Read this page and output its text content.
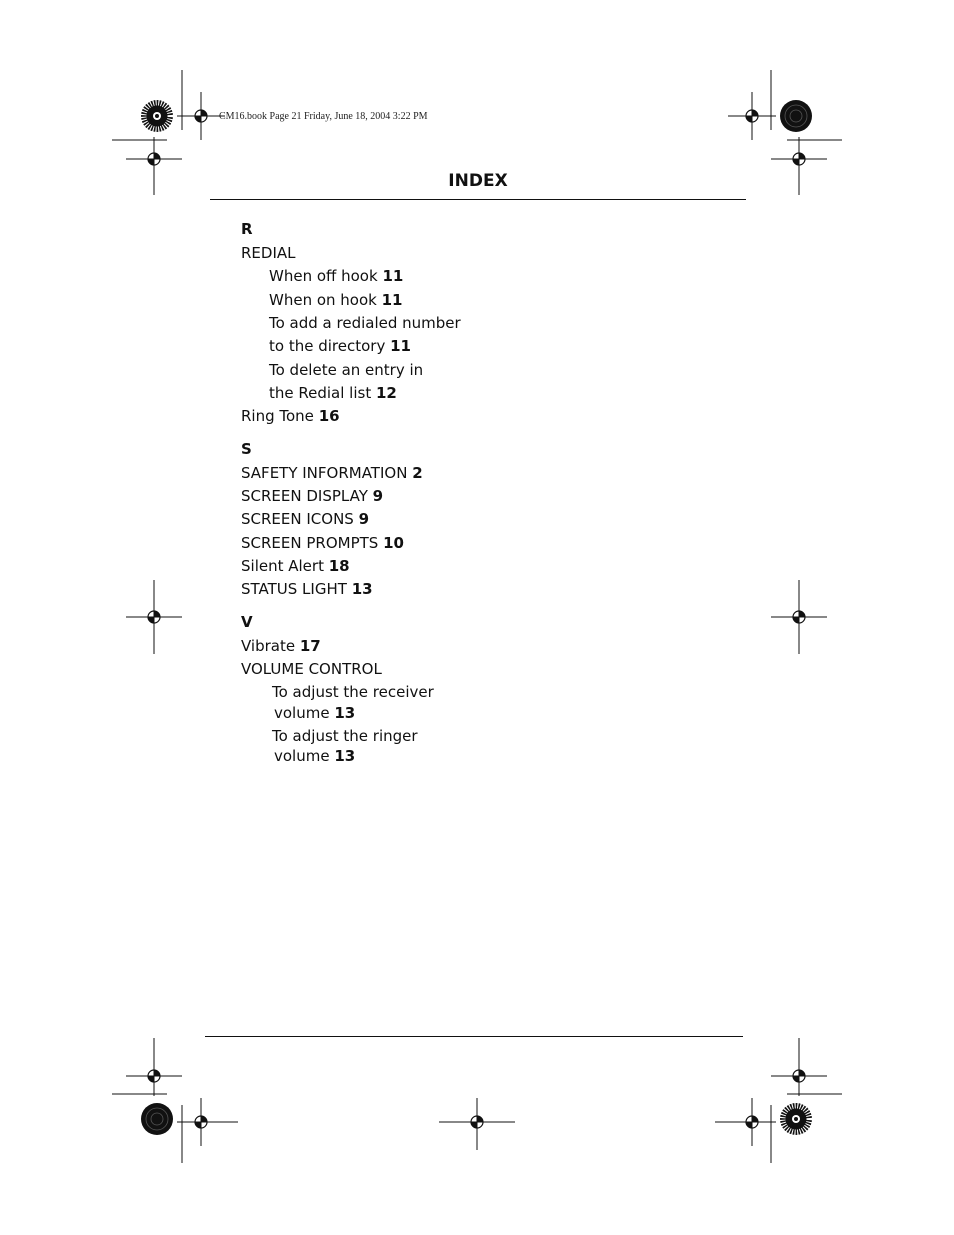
CM16.book Page 21 Friday, June 18, 2004 3:22 PM
INDEX
R
REDIAL
When off hook 11
When on hook 11
To add a redialed number
to the directory 11
To delete an entry in
the Redial list 12
Ring Tone 16
S
SAFETY INFORMATION 2
SCREEN DISPLAY 9
SCREEN ICONS 9
SCREEN PROMPTS 10
Silent Alert 18
STATUS LIGHT 13
V
Vibrate 17
VOLUME CONTROL
To adjust the receiver
volume 13
To adjust the ringer
volume 13
